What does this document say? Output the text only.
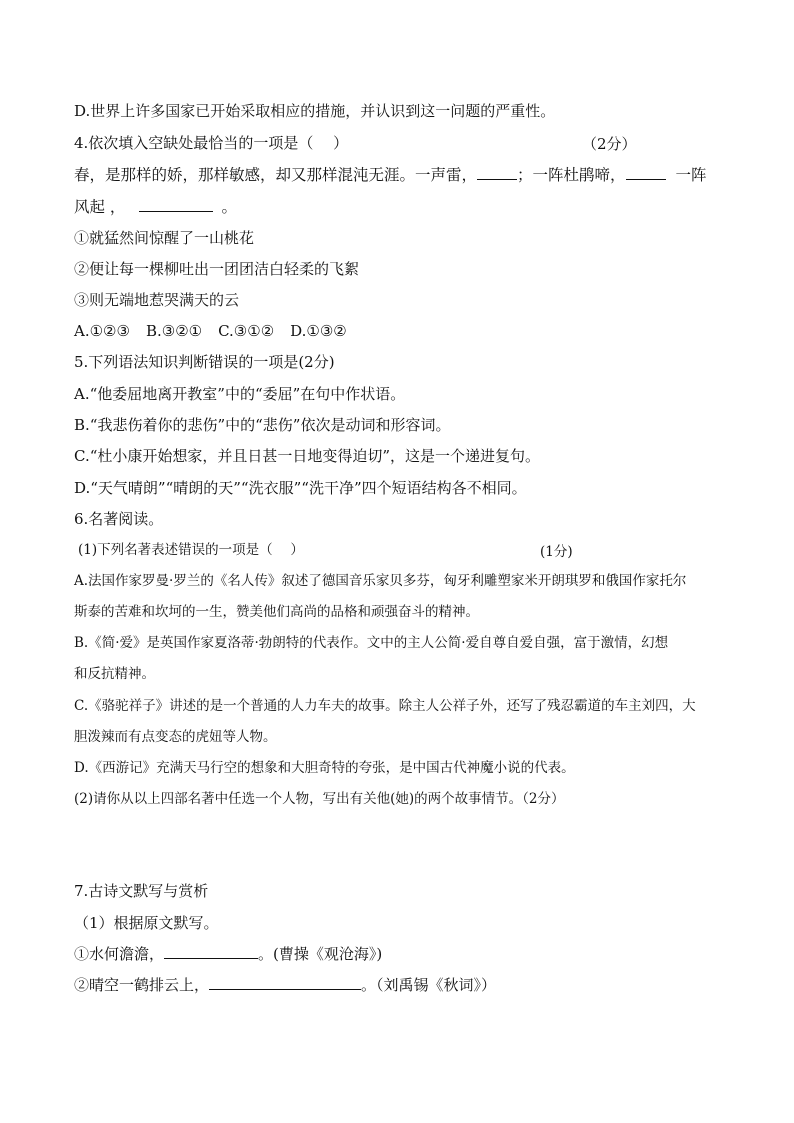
D.世界上许多国家已开始采取相应的措施，并认识到这一问题的严重性。
4.依次填入空缺处最恰当的一项是（　 ）	（2分）
春，是那样的娇，那样敏感，却又那样混沌无涯。一声雷，	；一阵杜鹃啼，	一阵
风起 ，	。
①就猛然间惊醒了一山桃花
②便让每一棵柳吐出一团团洁白轻柔的飞絮
③则无端地惹哭满天的云
A.①②③ B.③②① C.③①② D.①③②
5.下列语法知识判断错误的一项是(2分)
A.“他委屈地离开教室”中的“委屈”在句中作状语。
B.“我悲伤着你的悲伤”中的“悲伤”依次是动词和形容词。
C.“杜小康开始想家，并且日甚一日地变得迫切”，这是一个递进复句。
D.“天气晴朗”“晴朗的天”“洗衣服”“洗干净”四个短语结构各不相同。
6.名著阅读。
(1)下列名著表述错误的一项是（　 ）	(1分)
A.法国作家罗曼·罗兰的《名人传》叙述了德国音乐家贝多芬，匈牙利雕塑家米开朗琪罗和俄国作家托尔
斯泰的苦难和坎坷的一生，赞美他们高尚的品格和顽强奋斗的精神。
B.《简·爱》是英国作家夏洛蒂·勃朗特的代表作。文中的主人公简·爱自尊自爱自强，富于激情，幻想
和反抗精神。
C.《骆驼祥子》讲述的是一个普通的人力车夫的故事。除主人公祥子外，还写了残忍霸道的车主刘四，大
胆泼辣而有点变态的虎妞等人物。
D.《西游记》充满天马行空的想象和大胆奇特的夸张，是中国古代神魔小说的代表。
(2)请你从以上四部名著中任选一个人物，写出有关他(她)的两个故事情节。（2分）
7.古诗文默写与赏析
（1）根据原文默写。
①水何澹澹，	。(曹操《观沧海》)
②晴空一鹤排云上，	。（刘禹锡《秋词》）
